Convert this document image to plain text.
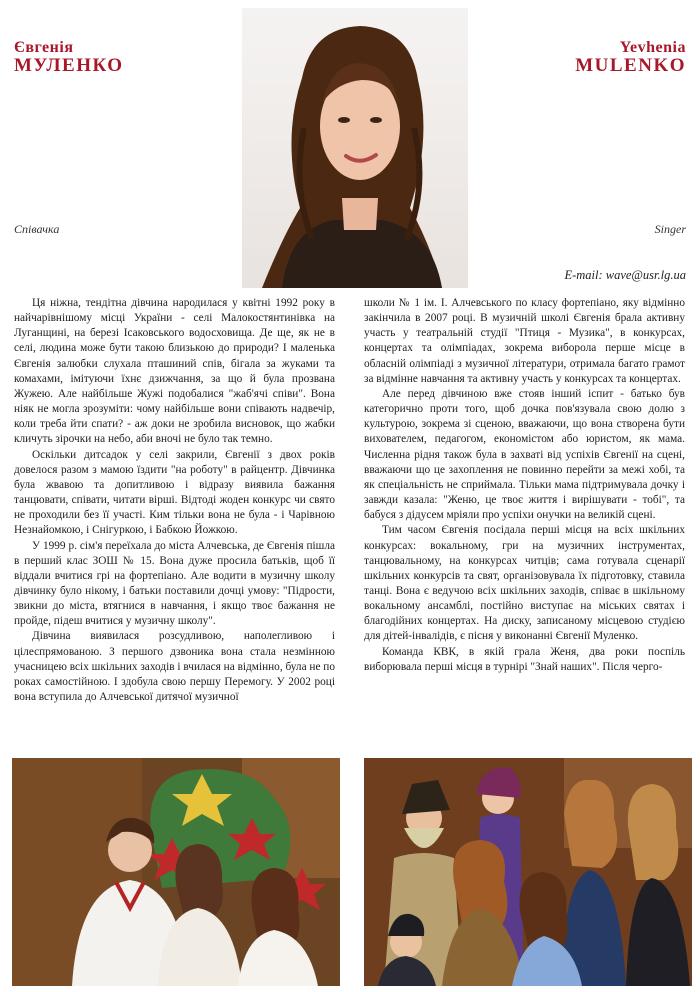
Євгенія
МУЛЕНКО
Yevhenia
MULENKO
Співачка	Singer
E-mail: wave@usr.lg.ua

Ця ніжна, тендітна дівчина народилася у квітні 1992 року в найчарівнішому місці України - селі Малокостянтинівка на Луганщині, на березі Ісаковського водосховища. Де ще, як не в селі, людина може бути такою близькою до природи? І маленька Євгенія залюбки слухала пташиний спів, бігала за жуками та комахами, імітуючи їхнє дзижчання, за що й була прозвана Жужею. Але найбільше Жужі подобалися "жаб'ячі співи". Вона ніяк не могла зрозуміти: чому найбільше вони співають надвечір, коли треба йти спати? - аж доки не зробила висновок, що жабки кличуть зірочки на небо, аби вночі не було так темно.

Оскільки дитсадок у селі закрили, Євгенії з двох років довелося разом з мамою їздити "на роботу" в райцентр. Дівчинка була жвавою та допитливою і відразу виявила бажання танцювати, співати, читати вірші. Відтоді жоден конкурс чи свято не проходили без її участі. Ким тільки вона не була - і Чарівною Незнайомкою, і Снігуркою, і Бабкою Йожкою.

У 1999 р. сім'я переїхала до міста Алчевська, де Євгенія пішла в перший клас ЗОШ № 15. Вона дуже просила батьків, щоб її віддали вчитися грі на фортепіано. Але водити в музичну школу дівчинку було нікому, і батьки поставили дочці умову: "Підрости, звикни до міста, втягнися в навчання, і якщо твоє бажання не пройде, підеш вчитися у музичну школу".

Дівчина виявилася розсудливою, наполегливою і цілеспрямованою. З першого дзвоника вона стала незмінною учасницею всіх шкільних заходів і вчилася на відмінно, була не по роках самостійною. І здобула свою першу Перемогу. У 2002 році вона вступила до Алчевської дитячої музичної

школи № 1 ім. І. Алчевського по класу фортепіано, яку відмінно закінчила в 2007 році. В музичній школі Євгенія брала активну участь у театральній студії "Птиця - Музика", в конкурсах, концертах та олімпіадах, зокрема виборола перше місце в обласній олімпіаді з музичної літератури, отримала багато грамот за відмінне навчання та активну участь у конкурсах та концертах.

Але перед дівчиною вже стояв інший іспит - батько був категорично проти того, щоб дочка пов'язувала свою долю з культурою, зокрема зі сценою, вважаючи, що вона створена бути вихователем, педагогом, економістом або юристом, як мама. Численна рідня також була в захваті від успіхів Євгенії на сцені, вважаючи що це захоплення не повинно перейти за межі хобі, та як спеціальність не сприймала. Тільки мама підтримувала дочку і завжди казала: "Женю, це твоє життя і вирішувати - тобі", та бабуся з дідусем мріяли про успіхи онучки на великій сцені.

Тим часом Євгенія посідала перші місця на всіх шкільних конкурсах: вокальному, гри на музичних інструментах, танцювальному, на конкурсах читців; сама готувала сценарії шкільних конкурсів та свят, організовувала їх підготовку, ставила танці. Вона є ведучою всіх шкільних заходів, співає в шкільному вокальному ансамблі, постійно виступає на міських святах і благодійних концертах. На диску, записаному місцевою студією для дітей-інвалідів, є пісня у виконанні Євгенії Муленко.

Команда КВК, в якій грала Женя, два роки поспіль виборювала перші місця в турнірі "Знай наших". Після черго-
